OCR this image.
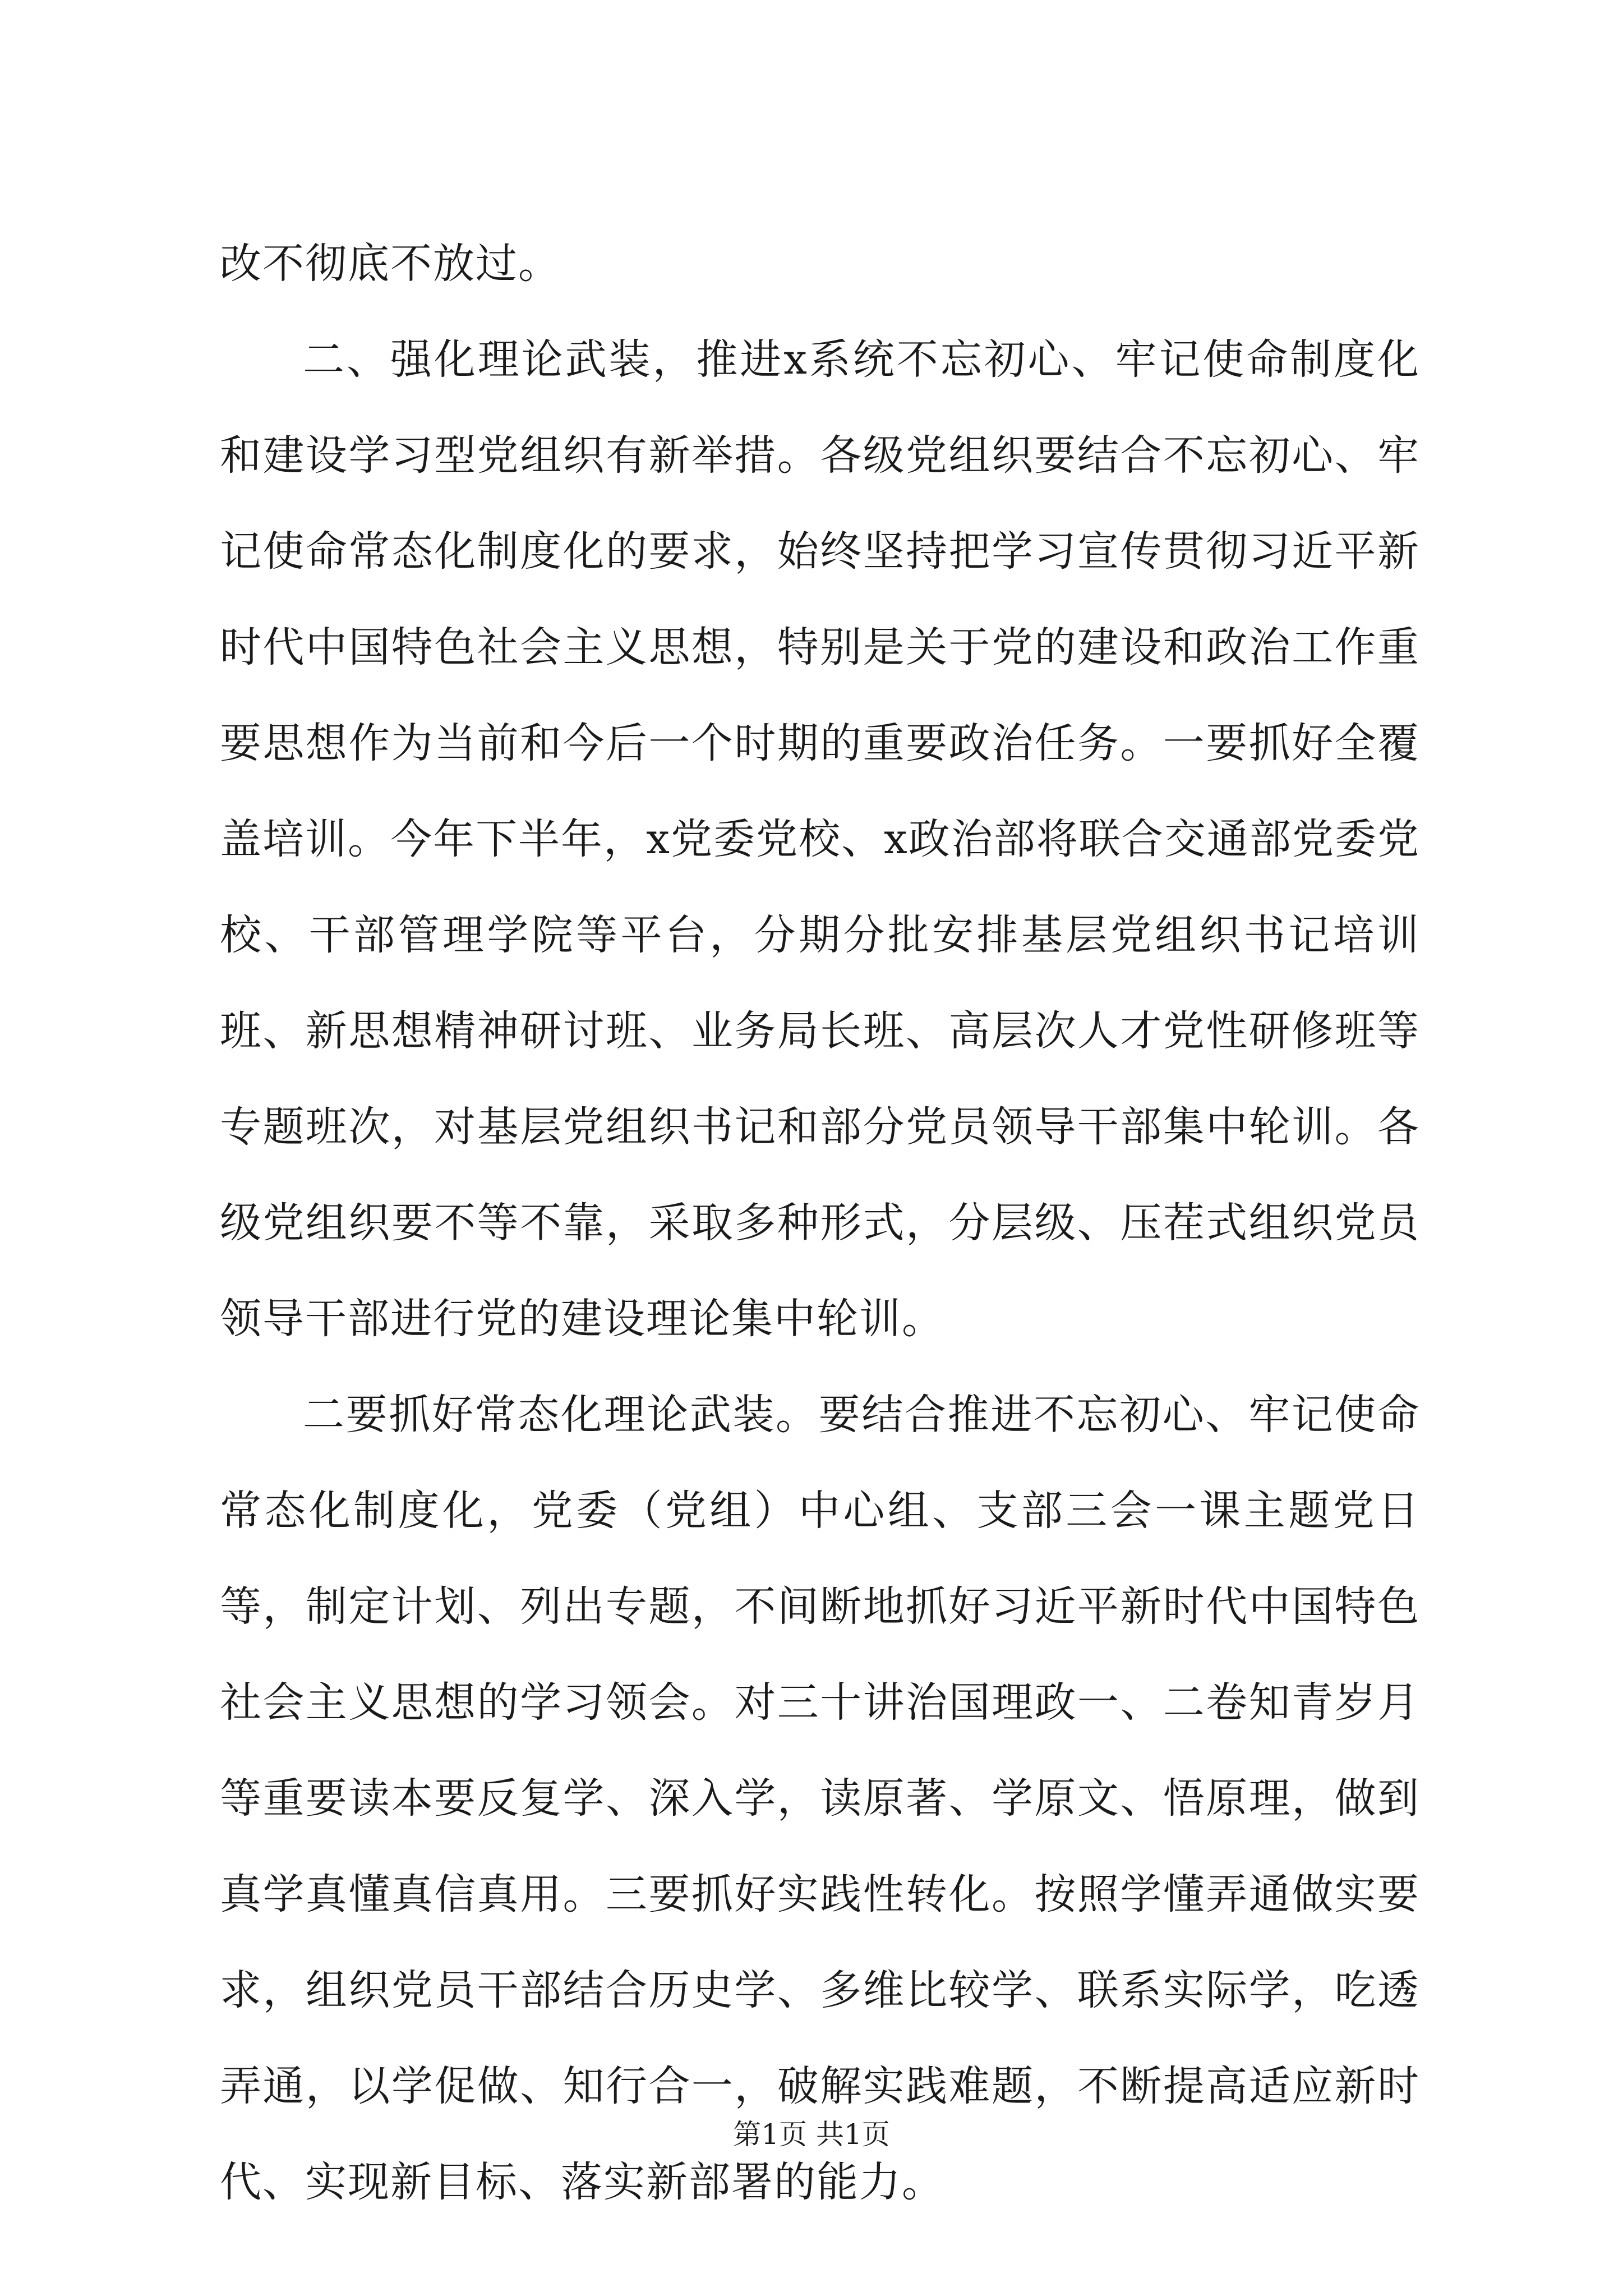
改不彻底不放过。

二、强化理论武装，推进x系统不忘初心、牢记使命制度化和建设学习型党组织有新举措。各级党组织要结合不忘初心、牢记使命常态化制度化的要求，始终坚持把学习宣传贯彻习近平新时代中国特色社会主义思想，特别是关于党的建设和政治工作重要思想作为当前和今后一个时期的重要政治任务。一要抓好全覆盖培训。今年下半年，x党委党校、x政治部将联合交通部党委党校、干部管理学院等平台，分期分批安排基层党组织书记培训班、新思想精神研讨班、业务局长班、高层次人才党性研修班等专题班次，对基层党组织书记和部分党员领导干部集中轮训。各级党组织要不等不靠，采取多种形式，分层级、压茬式组织党员领导干部进行党的建设理论集中轮训。

二要抓好常态化理论武装。要结合推进不忘初心、牢记使命常态化制度化，党委（党组）中心组、支部三会一课主题党日等，制定计划、列出专题，不间断地抓好习近平新时代中国特色社会主义思想的学习领会。对三十讲治国理政一、二卷知青岁月等重要读本要反复学、深入学，读原著、学原文、悟原理，做到真学真懂真信真用。三要抓好实践性转化。按照学懂弄通做实要求，组织党员干部结合历史学、多维比较学、联系实际学，吃透弄通，以学促做、知行合一，破解实践难题，不断提高适应新时代、实现新目标、落实新部署的能力。

第1页 共1页
